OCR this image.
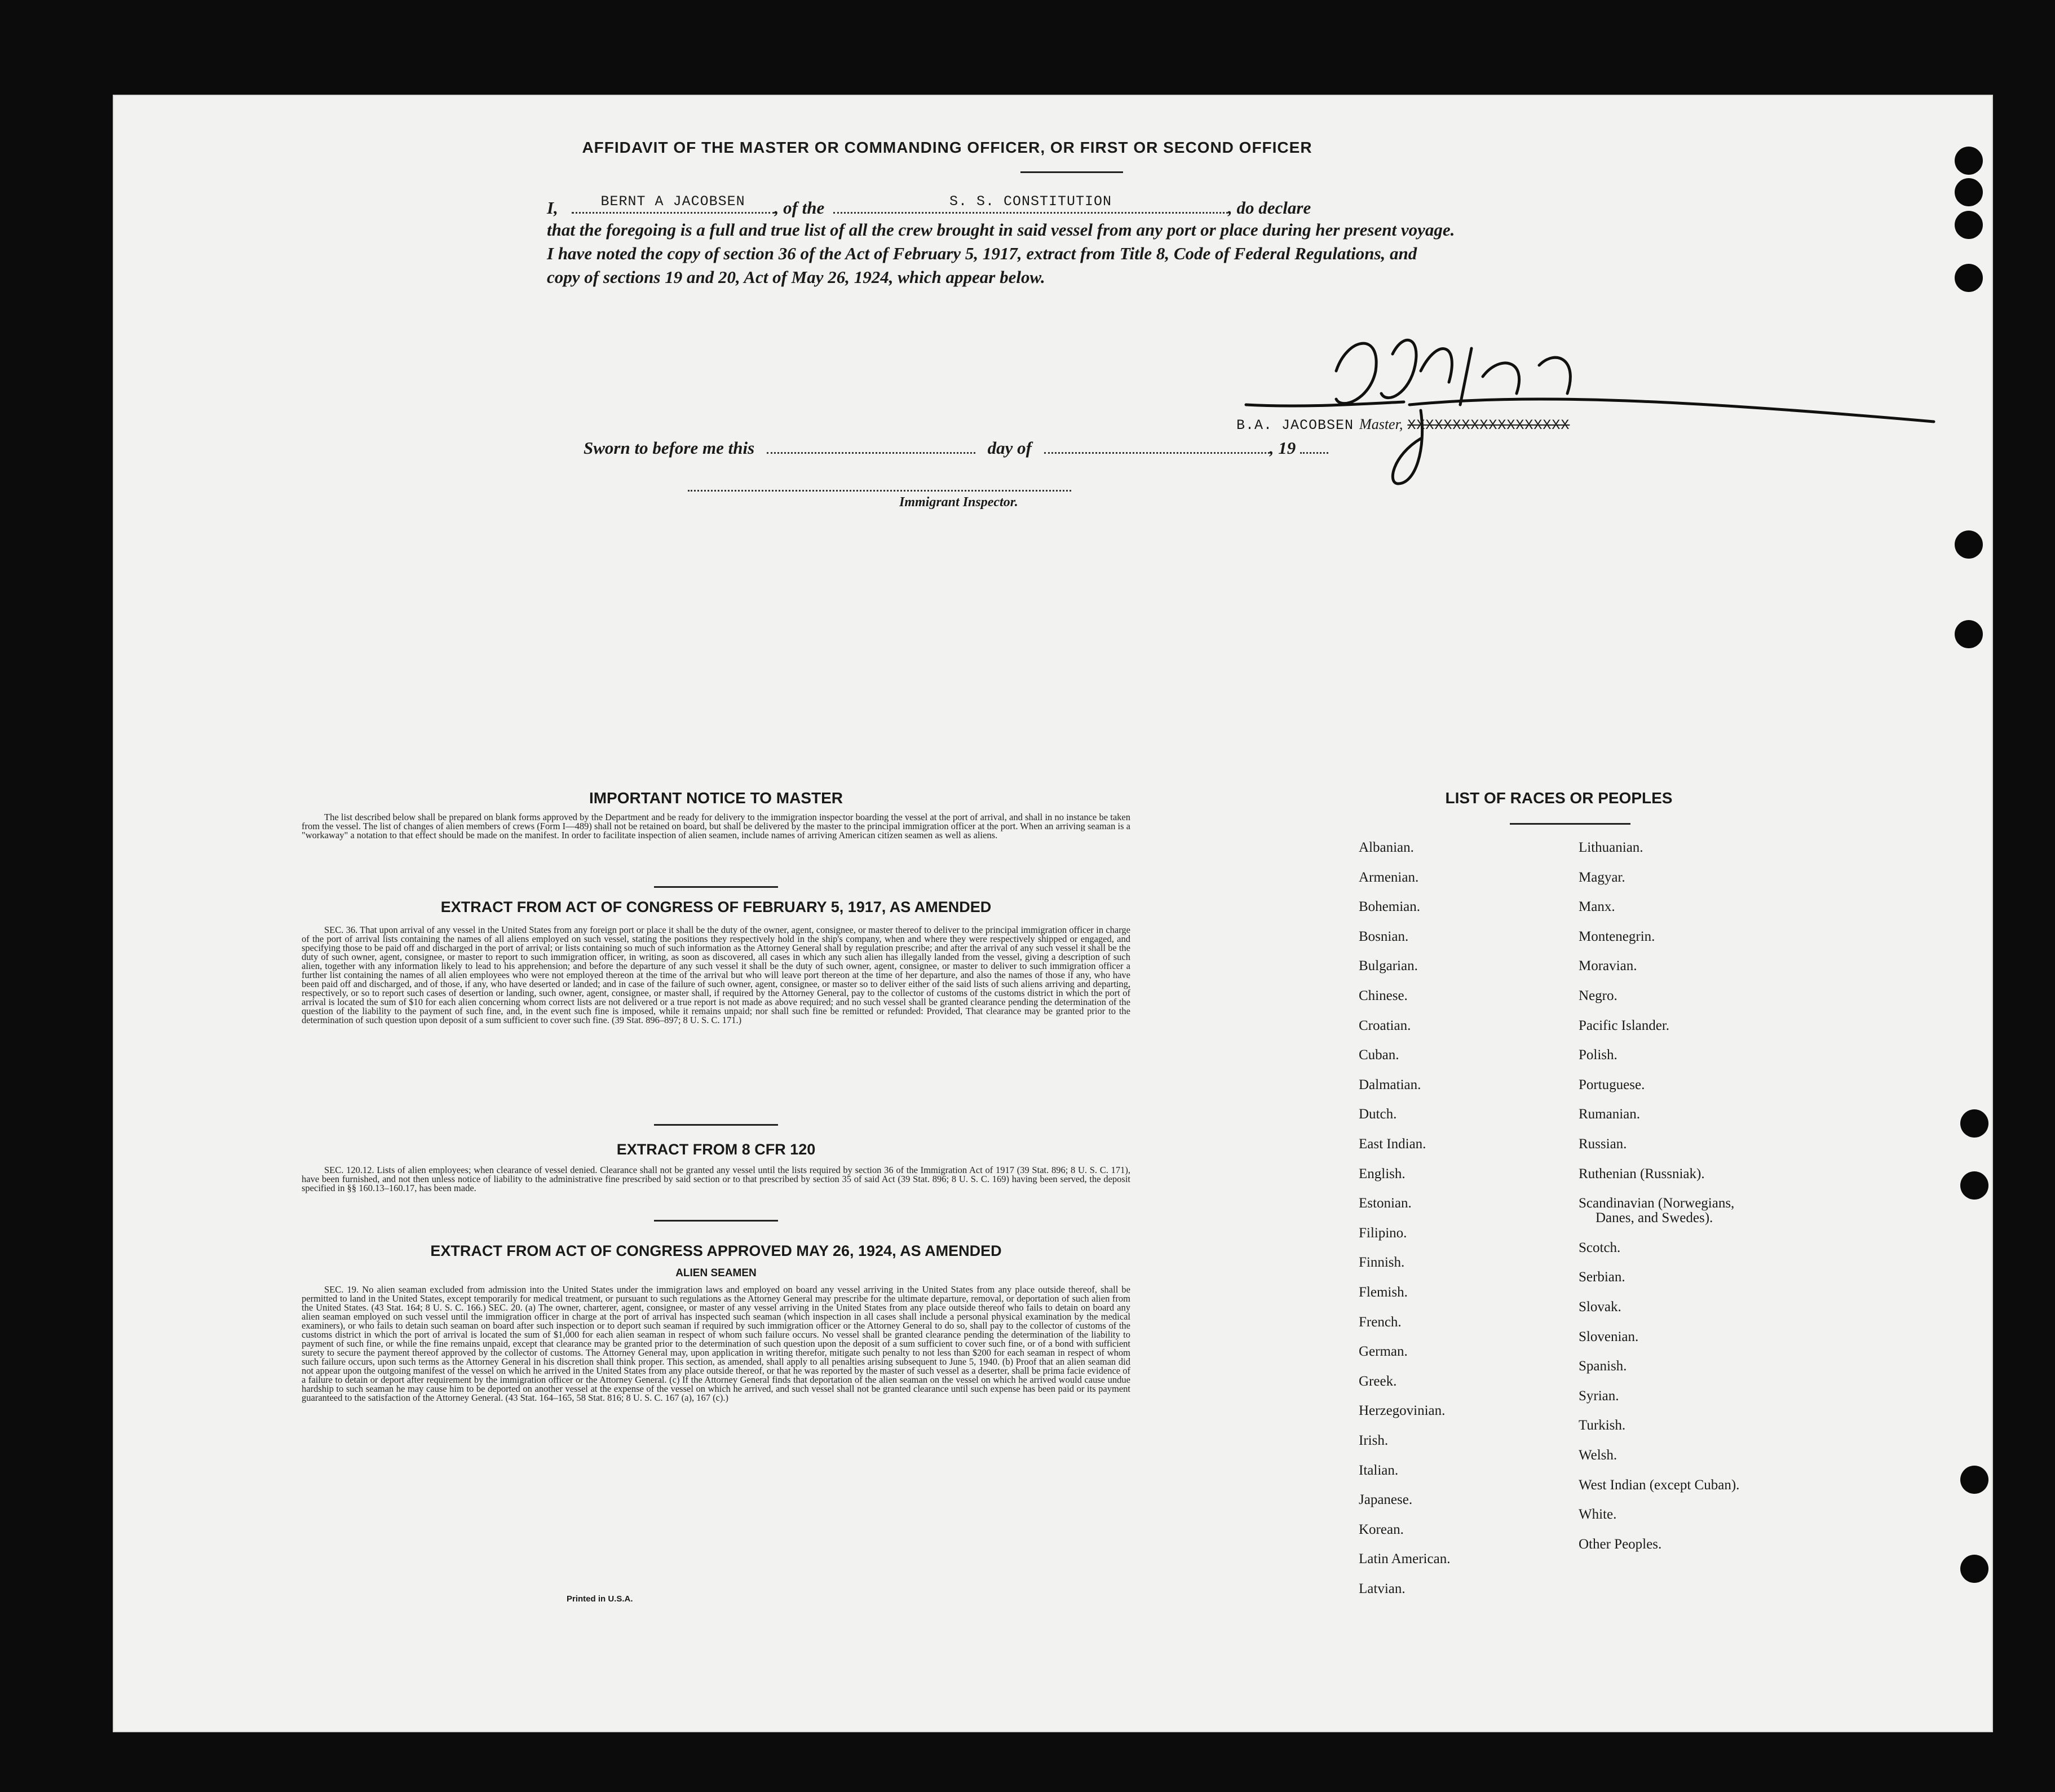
AFFIDAVIT OF THE MASTER OR COMMANDING OFFICER, OR FIRST OR SECOND OFFICER
I,	BERNT A JACOBSEN	, of the	S. S. CONSTITUTION	, do declare
that the foregoing is a full and true list of all the crew brought in said vessel from any port or place during her present voyage.
I have noted the copy of section 36 of the Act of February 5, 1917, extract from Title 8, Code of Federal Regulations, and
copy of sections 19 and 20, Act of May 26, 1924, which appear below.
B.A. JACOBSEN Master, XXXXXXXXXXXXXXXXXX
Sworn to before me this	day of	, 19
Immigrant Inspector.
IMPORTANT NOTICE TO MASTER
The list described below shall be prepared on blank forms approved by the Department and be ready for delivery to the immigration inspector boarding the vessel at the port of arrival, and shall in no instance be taken from the vessel. The list of changes of alien members of crews (Form I—489) shall not be retained on board, but shall be delivered by the master to the principal immigration officer at the port. When an arriving seaman is a "workaway" a notation to that effect should be made on the manifest. In order to facilitate inspection of alien seamen, include names of arriving American citizen seamen as well as aliens.
EXTRACT FROM ACT OF CONGRESS OF FEBRUARY 5, 1917, AS AMENDED
SEC. 36. That upon arrival of any vessel in the United States from any foreign port or place it shall be the duty of the owner, agent, consignee, or master thereof to deliver to the principal immigration officer in charge of the port of arrival lists containing the names of all aliens employed on such vessel, stating the positions they respectively hold in the ship's company, when and where they were respectively shipped or engaged, and specifying those to be paid off and discharged in the port of arrival; or lists containing so much of such information as the Attorney General shall by regulation prescribe; and after the arrival of any such vessel it shall be the duty of such owner, agent, consignee, or master to report to such immigration officer, in writing, as soon as discovered, all cases in which any such alien has illegally landed from the vessel, giving a description of such alien, together with any information likely to lead to his apprehension; and before the departure of any such vessel it shall be the duty of such owner, agent, consignee, or master to deliver to such immigration officer a further list containing the names of all alien employees who were not employed thereon at the time of the arrival but who will leave port thereon at the time of her departure, and also the names of those if any, who have been paid off and discharged, and of those, if any, who have deserted or landed; and in case of the failure of such owner, agent, consignee, or master so to deliver either of the said lists of such aliens arriving and departing, respectively, or so to report such cases of desertion or landing, such owner, agent, consignee, or master shall, if required by the Attorney General, pay to the collector of customs of the customs district in which the port of arrival is located the sum of $10 for each alien concerning whom correct lists are not delivered or a true report is not made as above required; and no such vessel shall be granted clearance pending the determination of the question of the liability to the payment of such fine, and, in the event such fine is imposed, while it remains unpaid; nor shall such fine be remitted or refunded: Provided, That clearance may be granted prior to the determination of such question upon deposit of a sum sufficient to cover such fine. (39 Stat. 896–897; 8 U. S. C. 171.)
EXTRACT FROM 8 CFR 120
SEC. 120.12. Lists of alien employees; when clearance of vessel denied. Clearance shall not be granted any vessel until the lists required by section 36 of the Immigration Act of 1917 (39 Stat. 896; 8 U. S. C. 171), have been furnished, and not then unless notice of liability to the administrative fine prescribed by said section or to that prescribed by section 35 of said Act (39 Stat. 896; 8 U. S. C. 169) having been served, the deposit specified in §§ 160.13–160.17, has been made.
EXTRACT FROM ACT OF CONGRESS APPROVED MAY 26, 1924, AS AMENDED
ALIEN SEAMEN
SEC. 19. No alien seaman excluded from admission into the United States under the immigration laws and employed on board any vessel arriving in the United States from any place outside thereof, shall be permitted to land in the United States, except temporarily for medical treatment, or pursuant to such regulations as the Attorney General may prescribe for the ultimate departure, removal, or deportation of such alien from the United States. (43 Stat. 164; 8 U. S. C. 166.) SEC. 20. (a) The owner, charterer, agent, consignee, or master of any vessel arriving in the United States from any place outside thereof who fails to detain on board any alien seaman employed on such vessel until the immigration officer in charge at the port of arrival has inspected such seaman (which inspection in all cases shall include a personal physical examination by the medical examiners), or who fails to detain such seaman on board after such inspection or to deport such seaman if required by such immigration officer or the Attorney General to do so, shall pay to the collector of customs of the customs district in which the port of arrival is located the sum of $1,000 for each alien seaman in respect of whom such failure occurs. No vessel shall be granted clearance pending the determination of the liability to payment of such fine, or while the fine remains unpaid, except that clearance may be granted prior to the determination of such question upon the deposit of a sum sufficient to cover such fine, or of a bond with sufficient surety to secure the payment thereof approved by the collector of customs. The Attorney General may, upon application in writing therefor, mitigate such penalty to not less than $200 for each seaman in respect of whom such failure occurs, upon such terms as the Attorney General in his discretion shall think proper. This section, as amended, shall apply to all penalties arising subsequent to June 5, 1940. (b) Proof that an alien seaman did not appear upon the outgoing manifest of the vessel on which he arrived in the United States from any place outside thereof, or that he was reported by the master of such vessel as a deserter, shall be prima facie evidence of a failure to detain or deport after requirement by the immigration officer or the Attorney General. (c) If the Attorney General finds that deportation of the alien seaman on the vessel on which he arrived would cause undue hardship to such seaman he may cause him to be deported on another vessel at the expense of the vessel on which he arrived, and such vessel shall not be granted clearance until such expense has been paid or its payment guaranteed to the satisfaction of the Attorney General. (43 Stat. 164–165, 58 Stat. 816; 8 U. S. C. 167 (a), 167 (c).)
Printed in U.S.A.
LIST OF RACES OR PEOPLES
Albanian.
Armenian.
Bohemian.
Bosnian.
Bulgarian.
Chinese.
Croatian.
Cuban.
Dalmatian.
Dutch.
East Indian.
English.
Estonian.
Filipino.
Finnish.
Flemish.
French.
German.
Greek.
Herzegovinian.
Irish.
Italian.
Japanese.
Korean.
Latin American.
Latvian.
Lithuanian.
Magyar.
Manx.
Montenegrin.
Moravian.
Negro.
Pacific Islander.
Polish.
Portuguese.
Rumanian.
Russian.
Ruthenian (Russniak).
Scandinavian (Norwegians,
Danes, and Swedes).
Scotch.
Serbian.
Slovak.
Slovenian.
Spanish.
Syrian.
Turkish.
Welsh.
West Indian (except Cuban).
White.
Other Peoples.
